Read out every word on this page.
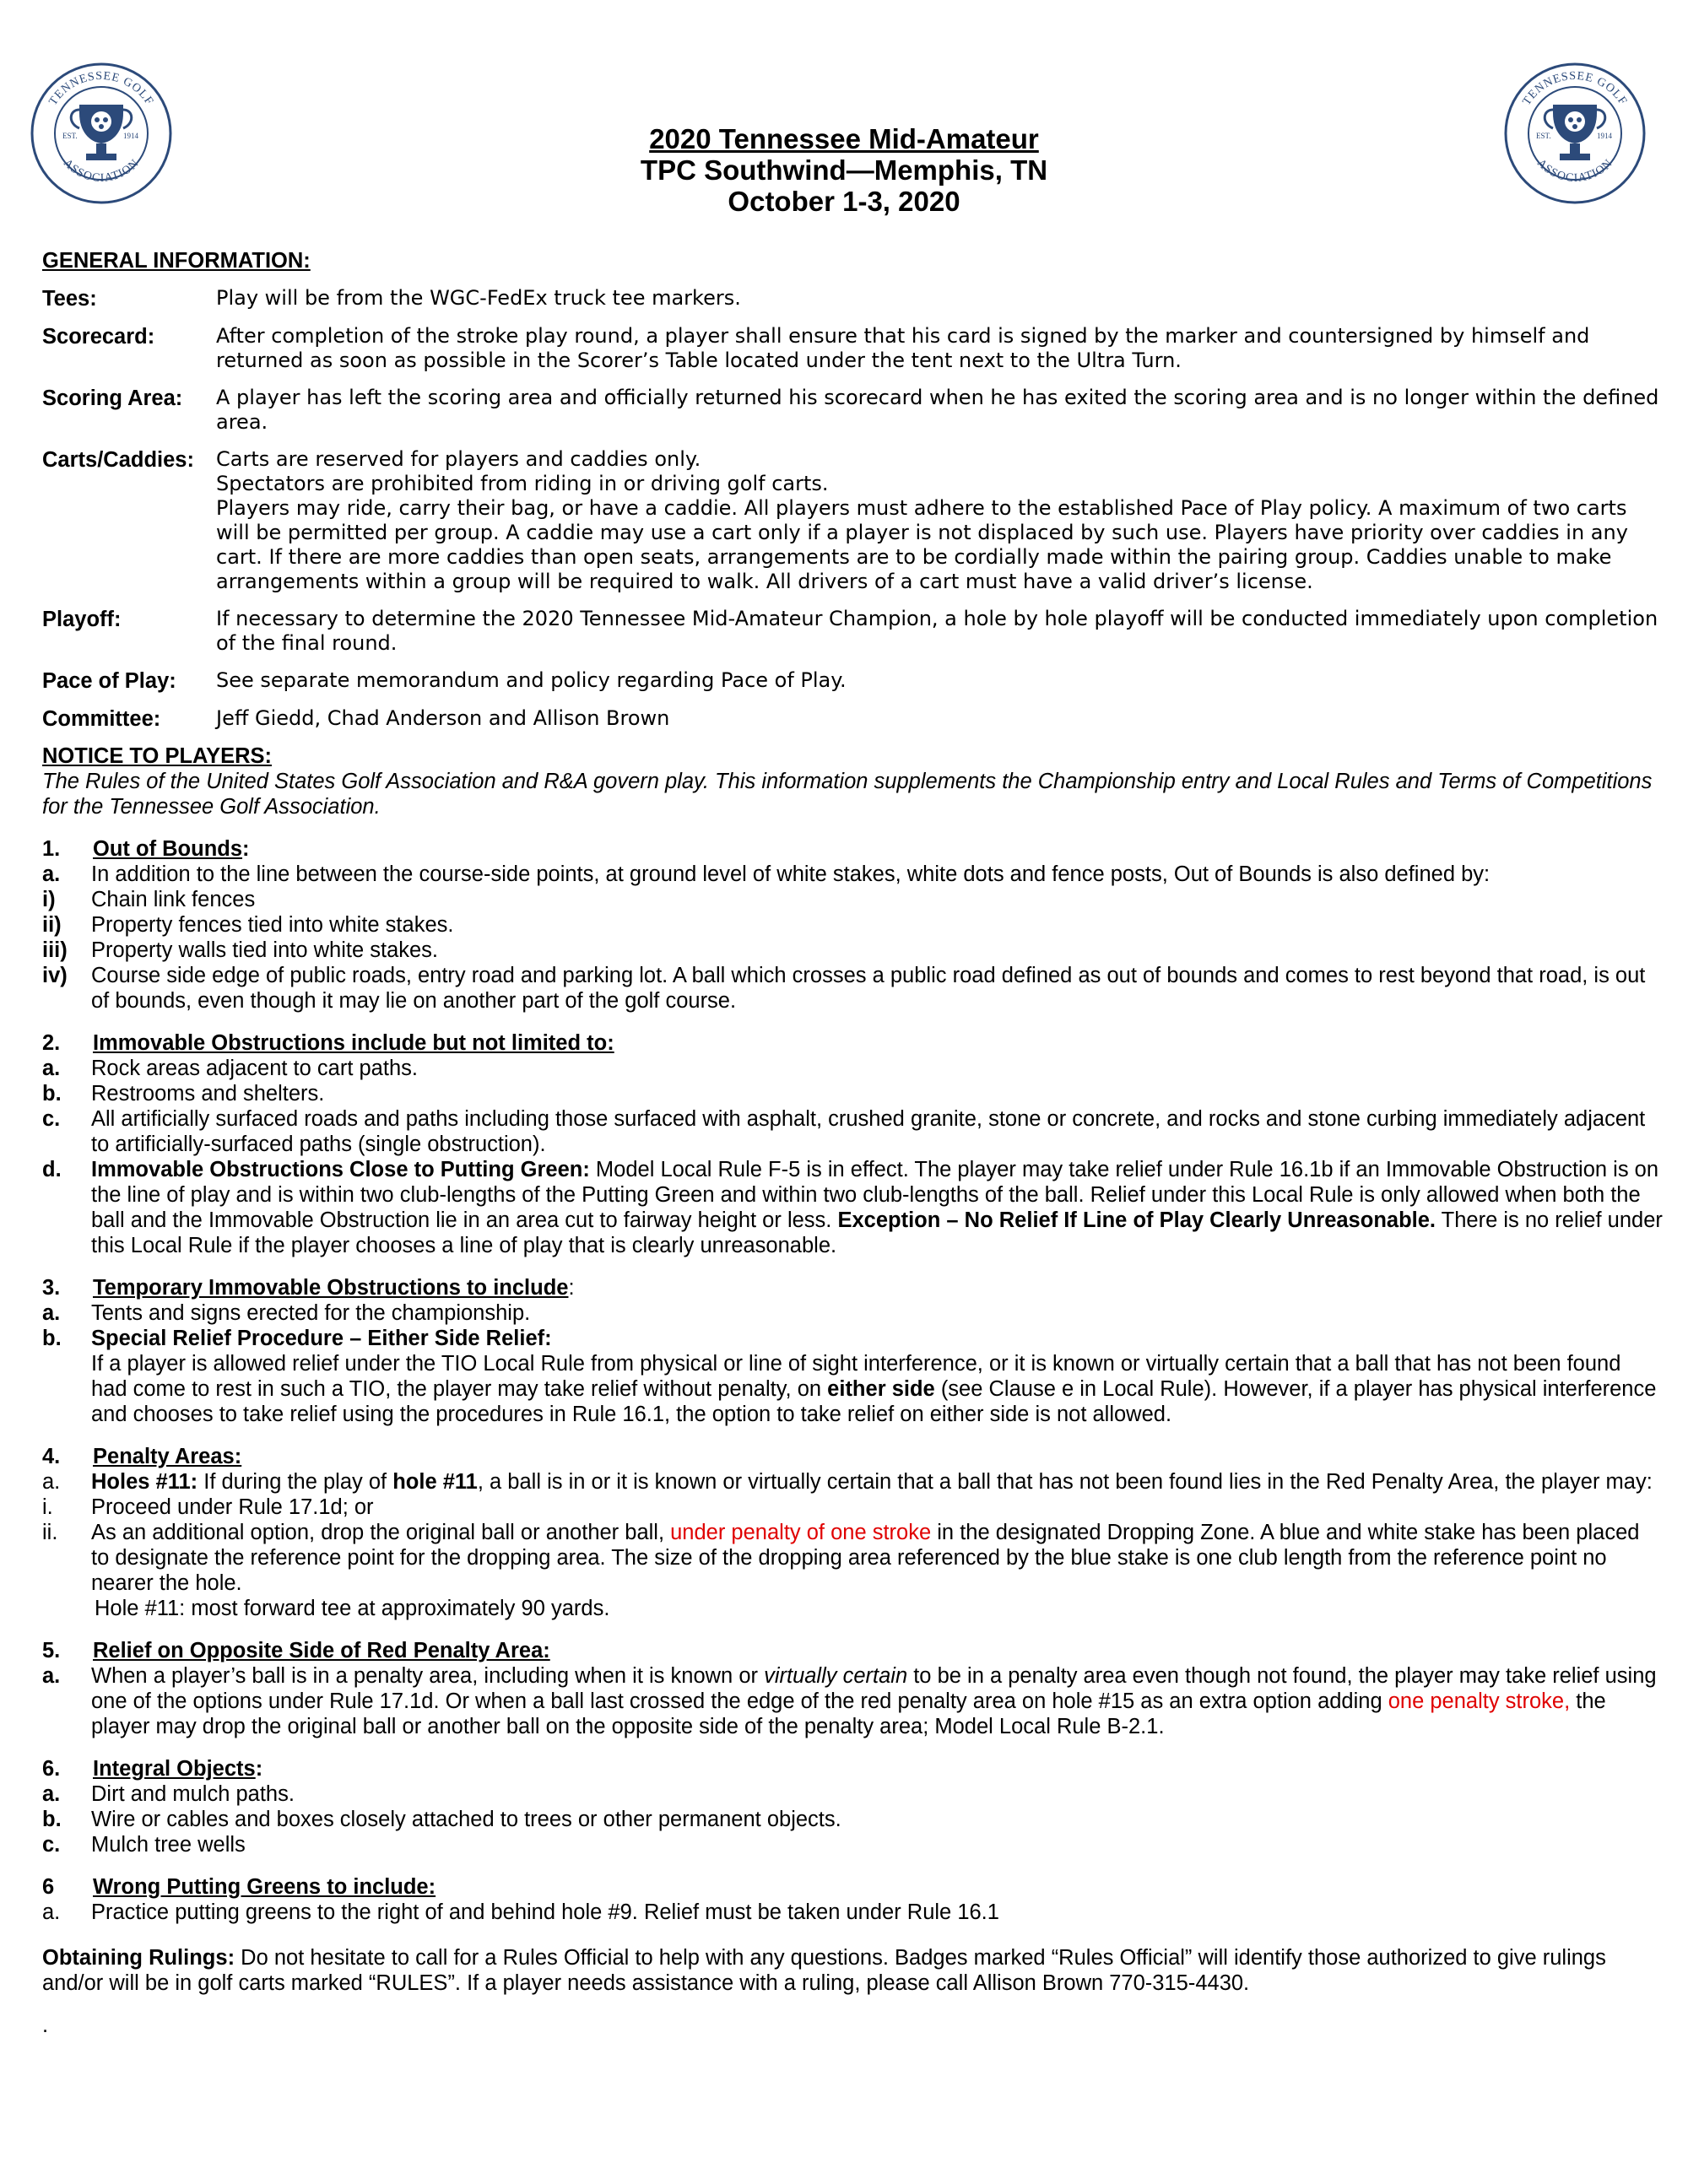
EST.	1914
TENNESSEE GOLF
ASSOCIATION
EST.	1914
TENNESSEE GOLF
ASSOCIATION
2020 Tennessee Mid-Amateur
TPC Southwind—Memphis, TN
October 1-3, 2020
GENERAL INFORMATION:
Tees:	Play will be from the WGC-FedEx truck tee markers.
Scorecard:	After completion of the stroke play round, a player shall ensure that his card is signed by the marker and countersigned by himself and returned as soon as possible in the Scorer’s Table located under the tent next to the Ultra Turn.
Scoring Area:	A player has left the scoring area and officially returned his scorecard when he has exited the scoring area and is no longer within the defined area.
Carts/Caddies:	Carts are reserved for players and caddies only.
Spectators are prohibited from riding in or driving golf carts.
Players may ride, carry their bag, or have a caddie. All players must adhere to the established Pace of Play policy. A maximum of two carts will be permitted per group. A caddie may use a cart only if a player is not displaced by such use. Players have priority over caddies in any cart. If there are more caddies than open seats, arrangements are to be cordially made within the pairing group. Caddies unable to make arrangements within a group will be required to walk. All drivers of a cart must have a valid driver’s license.
Playoff:	If necessary to determine the 2020 Tennessee Mid-Amateur Champion, a hole by hole playoff will be conducted immediately upon completion of the final round.
Pace of Play:	See separate memorandum and policy regarding Pace of Play.
Committee:	Jeff Giedd, Chad Anderson and Allison Brown
NOTICE TO PLAYERS:
The Rules of the United States Golf Association and R&A govern play. This information supplements the Championship entry and Local Rules and Terms of Competitions for the Tennessee Golf Association.
1.	Out of Bounds:
a.	In addition to the line between the course-side points, at ground level of white stakes, white dots and fence posts, Out of Bounds is also defined by:
i)	Chain link fences
ii)	Property fences tied into white stakes.
iii)	Property walls tied into white stakes.
iv)	Course side edge of public roads, entry road and parking lot. A ball which crosses a public road defined as out of bounds and comes to rest beyond that road, is out of bounds, even though it may lie on another part of the golf course.
2.	Immovable Obstructions include but not limited to:
a.	Rock areas adjacent to cart paths.
b.	Restrooms and shelters.
c.	All artificially surfaced roads and paths including those surfaced with asphalt, crushed granite, stone or concrete, and rocks and stone curbing immediately adjacent to artificially-surfaced paths (single obstruction).
d.	Immovable Obstructions Close to Putting Green: Model Local Rule F-5 is in effect. The player may take relief under Rule 16.1b if an Immovable Obstruction is on the line of play and is within two club-lengths of the Putting Green and within two club-lengths of the ball. Relief under this Local Rule is only allowed when both the ball and the Immovable Obstruction lie in an area cut to fairway height or less. Exception – No Relief If Line of Play Clearly Unreasonable. There is no relief under this Local Rule if the player chooses a line of play that is clearly unreasonable.
3.	Temporary Immovable Obstructions to include:
a.	Tents and signs erected for the championship.
b.	Special Relief Procedure – Either Side Relief:
If a player is allowed relief under the TIO Local Rule from physical or line of sight interference, or it is known or virtually certain that a ball that has not been found had come to rest in such a TIO, the player may take relief without penalty, on either side (see Clause e in Local Rule). However, if a player has physical interference and chooses to take relief using the procedures in Rule 16.1, the option to take relief on either side is not allowed.
4.	Penalty Areas:
a.	Holes #11: If during the play of hole #11, a ball is in or it is known or virtually certain that a ball that has not been found lies in the Red Penalty Area, the player may:
i.	Proceed under Rule 17.1d; or
ii.	As an additional option, drop the original ball or another ball, under penalty of one stroke in the designated Dropping Zone. A blue and white stake has been placed to designate the reference point for the dropping area. The size of the dropping area referenced by the blue stake is one club length from the reference point no nearer the hole.
Hole #11: most forward tee at approximately 90 yards.
5.	Relief on Opposite Side of Red Penalty Area:
a.	When a player’s ball is in a penalty area, including when it is known or virtually certain to be in a penalty area even though not found, the player may take relief using one of the options under Rule 17.1d. Or when a ball last crossed the edge of the red penalty area on hole #15 as an extra option adding one penalty stroke, the player may drop the original ball or another ball on the opposite side of the penalty area; Model Local Rule B-2.1.
6.	Integral Objects:
a.	Dirt and mulch paths.
b.	Wire or cables and boxes closely attached to trees or other permanent objects.
c.	Mulch tree wells
6	Wrong Putting Greens to include:
a.	Practice putting greens to the right of and behind hole #9. Relief must be taken under Rule 16.1
Obtaining Rulings: Do not hesitate to call for a Rules Official to help with any questions. Badges marked “Rules Official” will identify those authorized to give rulings and/or will be in golf carts marked “RULES”. If a player needs assistance with a ruling, please call Allison Brown 770-315-4430.
.
